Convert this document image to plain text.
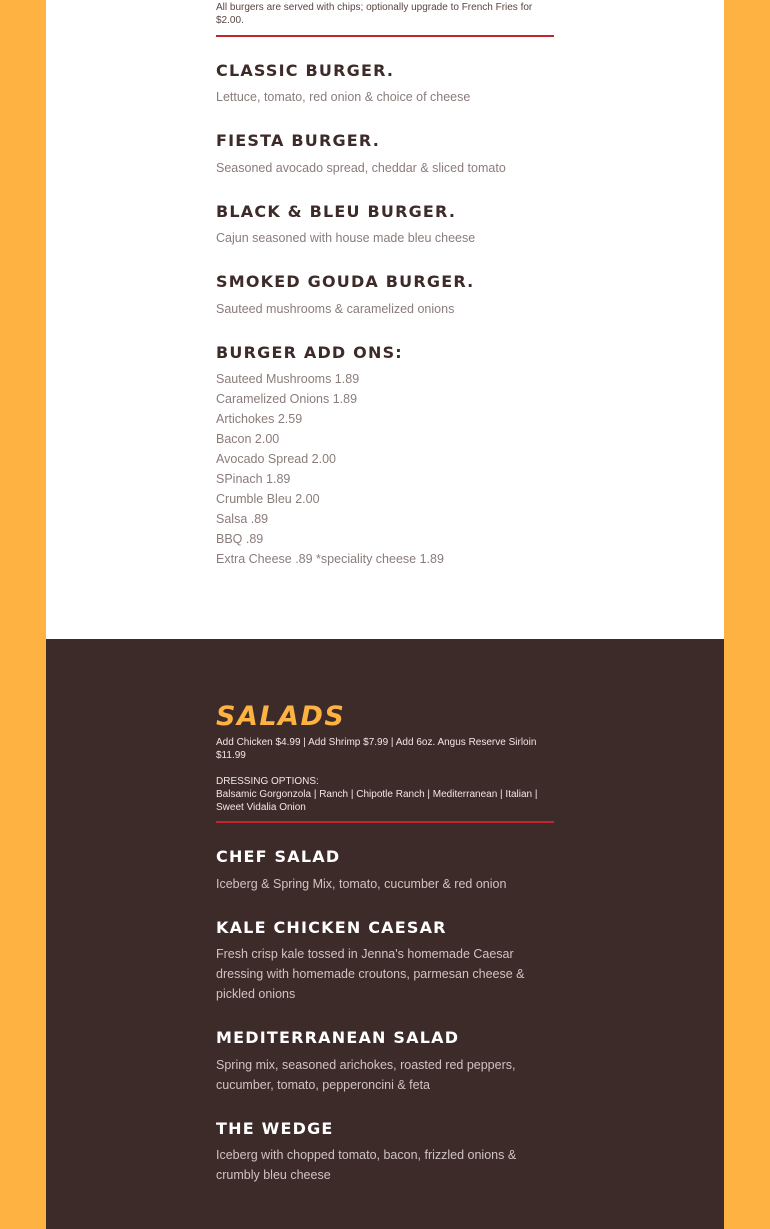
All burgers are served with chips; optionally upgrade to French Fries for $2.00.
CLASSIC BURGER.

Lettuce, tomato, red onion & choice of cheese

FIESTA BURGER.

Seasoned avocado spread, cheddar & sliced tomato

BLACK & BLEU BURGER.

Cajun seasoned with house made bleu cheese

SMOKED GOUDA BURGER.

Sauteed mushrooms & caramelized onions

BURGER ADD ONS:
Sauteed Mushrooms 1.89
Caramelized Onions 1.89
Artichokes 2.59
Bacon 2.00
Avocado Spread 2.00
SPinach 1.89
Crumble Bleu 2.00
Salsa .89
BBQ .89
Extra Cheese .89 *speciality cheese 1.89
SALADS
Add Chicken $4.99 | Add Shrimp $7.99 | Add 6oz. Angus Reserve Sirloin $11.99
DRESSING OPTIONS:
Balsamic Gorgonzola | Ranch | Chipotle Ranch | Mediterranean | Italian | Sweet Vidalia Onion
CHEF SALAD

Iceberg & Spring Mix, tomato, cucumber & red onion

KALE CHICKEN CAESAR

Fresh crisp kale tossed in Jenna's homemade Caesar dressing with homemade croutons, parmesan cheese & pickled onions

MEDITERRANEAN SALAD

Spring mix, seasoned arichokes, roasted red peppers, cucumber, tomato, pepperoncini & feta

THE WEDGE

Iceberg with chopped tomato, bacon, frizzled onions & crumbly bleu cheese
